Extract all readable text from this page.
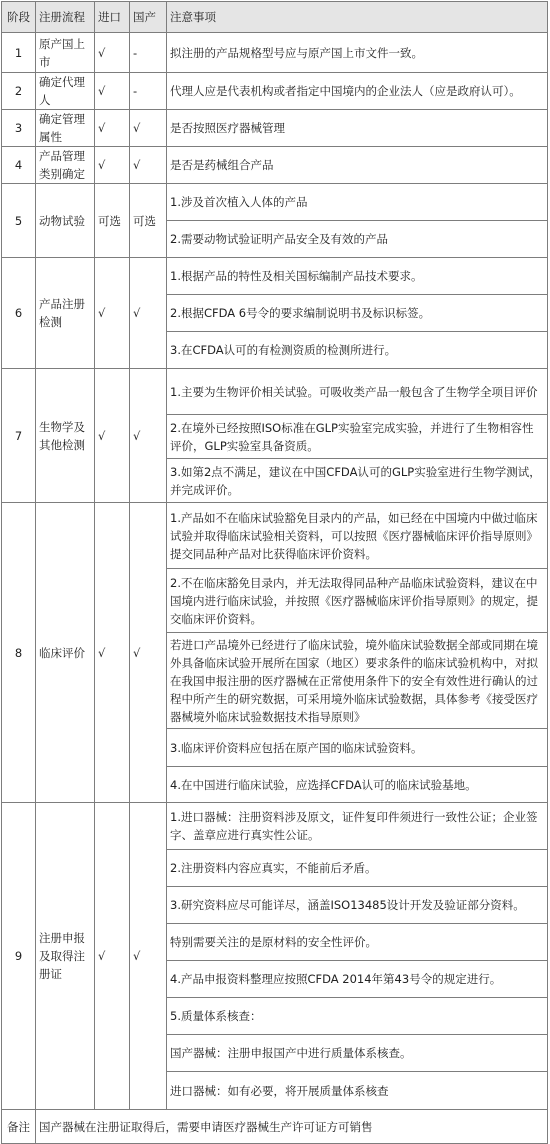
阶段	注册流程	进口	国产	注意事项
1	原产国上市	√	-	拟注册的产品规格型号应与原产国上市文件一致。
2	确定代理人	√	-	代理人应是代表机构或者指定中国境内的企业法人（应是政府认可）。
3	确定管理属性	√	√	是否按照医疗器械管理
4	产品管理类别确定	√	√	是否是药械组合产品
5	动物试验	可选	可选	1.涉及首次植入人体的产品
				2.需要动物试验证明产品安全及有效的产品
6	产品注册检测	√	√	1.根据产品的特性及相关国标编制产品技术要求。
				2.根据CFDA 6号令的要求编制说明书及标识标签。
				3.在CFDA认可的有检测资质的检测所进行。
7	生物学及其他检测	√	√	1.主要为生物评价相关试验。可吸收类产品一般包含了生物学全项目评价
				2.在境外已经按照ISO标准在GLP实验室完成实验，并进行了生物相容性评价，GLP实验室具备资质。
				3.如第2点不满足，建议在中国CFDA认可的GLP实验室进行生物学测试，并完成评价。
8	临床评价	√	√	1.产品如不在临床试验豁免目录内的产品，如已经在中国境内中做过临床试验并取得临床试验相关资料，可以按照《医疗器械临床评价指导原则》提交同品种产品对比获得临床评价资料。
				2.不在临床豁免目录内，并无法取得同品种产品临床试验资料，建议在中国境内进行临床试验，并按照《医疗器械临床评价指导原则》的规定，提交临床评价资料。
				若进口产品境外已经进行了临床试验，境外临床试验数据全部或同期在境外具备临床试验开展所在国家（地区）要求条件的临床试验机构中，对拟在我国申报注册的医疗器械在正常使用条件下的安全有效性进行确认的过程中所产生的研究数据，可采用境外临床试验数据，具体参考《接受医疗器械境外临床试验数据技术指导原则》
				3.临床评价资料应包括在原产国的临床试验资料。
				4.在中国进行临床试验，应选择CFDA认可的临床试验基地。
9	注册申报及取得注册证	√	√	1.进口器械：注册资料涉及原文，证件复印件须进行一致性公证；企业签字、盖章应进行真实性公证。
				2.注册资料内容应真实，不能前后矛盾。
				3.研究资料应尽可能详尽，涵盖ISO13485设计开发及验证部分资料。
				特别需要关注的是原材料的安全性评价。
				4.产品申报资料整理应按照CFDA 2014年第43号令的规定进行。
				5.质量体系核查：
				国产器械：注册申报国产中进行质量体系核查。
				进口器械：如有必要，将开展质量体系核查
备注	国产器械在注册证取得后，需要申请医疗器械生产许可证方可销售			
